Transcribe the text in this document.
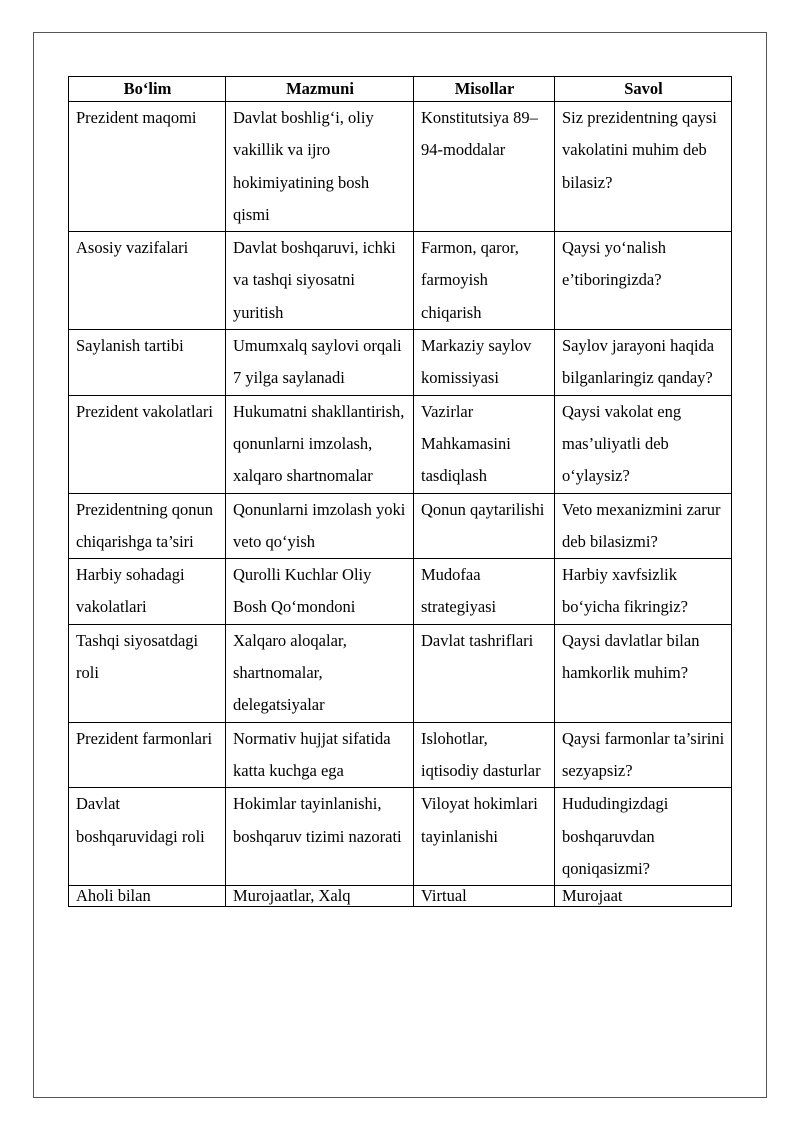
Bo‘lim	Mazmuni	Misollar	Savol
Prezident maqomi	Davlat boshlig‘i, oliy vakillik va ijro hokimiyatining bosh qismi	Konstitutsiya 89–94-moddalar	Siz prezidentning qaysi vakolatini muhim deb bilasiz?
Asosiy vazifalari	Davlat boshqaruvi, ichki va tashqi siyosatni yuritish	Farmon, qaror, farmoyish chiqarish	Qaysi yo‘nalish e’tiboringizda?
Saylanish tartibi	Umumxalq saylovi orqali 7 yilga saylanadi	Markaziy saylov komissiyasi	Saylov jarayoni haqida bilganlaringiz qanday?
Prezident vakolatlari	Hukumatni shakllantirish, qonunlarni imzolash, xalqaro shartnomalar	Vazirlar Mahkamasini tasdiqlash	Qaysi vakolat eng mas’uliyatli deb o‘ylaysiz?
Prezidentning qonun chiqarishga ta’siri	Qonunlarni imzolash yoki veto qo‘yish	Qonun qaytarilishi	Veto mexanizmini zarur deb bilasizmi?
Harbiy sohadagi vakolatlari	Qurolli Kuchlar Oliy Bosh Qo‘mondoni	Mudofaa strategiyasi	Harbiy xavfsizlik bo‘yicha fikringiz?
Tashqi siyosatdagi roli	Xalqaro aloqalar, shartnomalar, delegatsiyalar	Davlat tashriflari	Qaysi davlatlar bilan hamkorlik muhim?
Prezident farmonlari	Normativ hujjat sifatida katta kuchga ega	Islohotlar, iqtisodiy dasturlar	Qaysi farmonlar ta’sirini sezyapsiz?
Davlat boshqaruvidagi roli	Hokimlar tayinlanishi, boshqaruv tizimi nazorati	Viloyat hokimlari tayinlanishi	Hududingizdagi boshqaruvdan qoniqasizmi?
Aholi bilan	Murojaatlar, Xalq	Virtual	Murojaat
